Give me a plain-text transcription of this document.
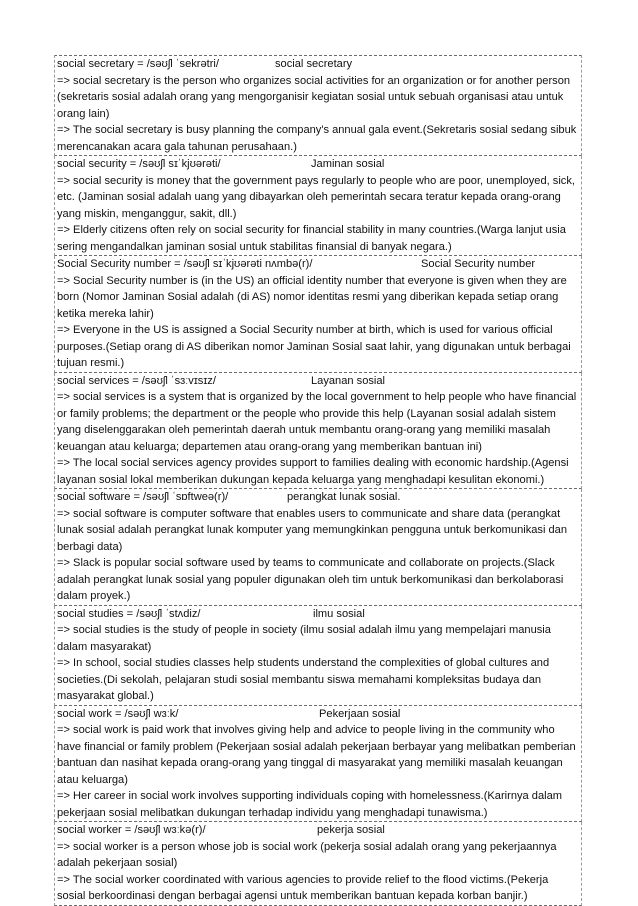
social secretary = /səʊʃl ˈsekrətri/	social secretary

=> social secretary is the person who organizes social activities for an organization or for another person (sekretaris sosial adalah orang yang mengorganisir kegiatan sosial untuk sebuah organisasi atau untuk orang lain)

=> The social secretary is busy planning the company's annual gala event.(Sekretaris sosial sedang sibuk merencanakan acara gala tahunan perusahaan.)

social security = /səʊʃl sɪˈkjʊərəti/	Jaminan sosial

=> social security is money that the government pays regularly to people who are poor, unemployed, sick, etc. (Jaminan sosial adalah uang yang dibayarkan oleh pemerintah secara teratur kepada orang-orang yang miskin, menganggur, sakit, dll.)

=> Elderly citizens often rely on social security for financial stability in many countries.(Warga lanjut usia sering mengandalkan jaminan sosial untuk stabilitas finansial di banyak negara.)

Social Security number = /səʊʃl sɪˈkjʊərəti nʌmbə(r)/	Social Security number

=> Social Security number is (in the US) an official identity number that everyone is given when they are born (Nomor Jaminan Sosial adalah (di AS) nomor identitas resmi yang diberikan kepada setiap orang ketika mereka lahir)

=> Everyone in the US is assigned a Social Security number at birth, which is used for various official purposes.(Setiap orang di AS diberikan nomor Jaminan Sosial saat lahir, yang digunakan untuk berbagai tujuan resmi.)

social services = /səʊʃl ˈsɜːvɪsɪz/	Layanan sosial

=> social services is a system that is organized by the local government to help people who have financial or family problems; the department or the people who provide this help (Layanan sosial adalah sistem yang diselenggarakan oleh pemerintah daerah untuk membantu orang-orang yang memiliki masalah keuangan atau keluarga; departemen atau orang-orang yang memberikan bantuan ini)

=> The local social services agency provides support to families dealing with economic hardship.(Agensi layanan sosial lokal memberikan dukungan kepada keluarga yang menghadapi kesulitan ekonomi.)

social software = /səʊʃl ˈsɒftweə(r)/	perangkat lunak sosial.

=> social software is computer software that enables users to communicate and share data (perangkat lunak sosial adalah perangkat lunak komputer yang memungkinkan pengguna untuk berkomunikasi dan berbagi data)

=> Slack is popular social software used by teams to communicate and collaborate on projects.(Slack adalah perangkat lunak sosial yang populer digunakan oleh tim untuk berkomunikasi dan berkolaborasi dalam proyek.)

social studies = /səʊʃl ˈstʌdiz/	ilmu sosial

=> social studies is the study of people in society (ilmu sosial adalah ilmu yang mempelajari manusia dalam masyarakat)

=> In school, social studies classes help students understand the complexities of global cultures and societies.(Di sekolah, pelajaran studi sosial membantu siswa memahami kompleksitas budaya dan masyarakat global.)

social work = /səʊʃl wɜːk/	Pekerjaan sosial

=> social work is paid work that involves giving help and advice to people living in the community who have financial or family problem (Pekerjaan sosial adalah pekerjaan berbayar yang melibatkan pemberian bantuan dan nasihat kepada orang-orang yang tinggal di masyarakat yang memiliki masalah keuangan atau keluarga)

=> Her career in social work involves supporting individuals coping with homelessness.(Karirnya dalam pekerjaan sosial melibatkan dukungan terhadap individu yang menghadapi tunawisma.)

social worker = /səʊʃl wɜːkə(r)/	pekerja sosial

=> social worker is a person whose job is social work (pekerja sosial adalah orang yang pekerjaannya adalah pekerjaan sosial)

=> The social worker coordinated with various agencies to provide relief to the flood victims.(Pekerja sosial berkoordinasi dengan berbagai agensi untuk memberikan bantuan kepada korban banjir.)
